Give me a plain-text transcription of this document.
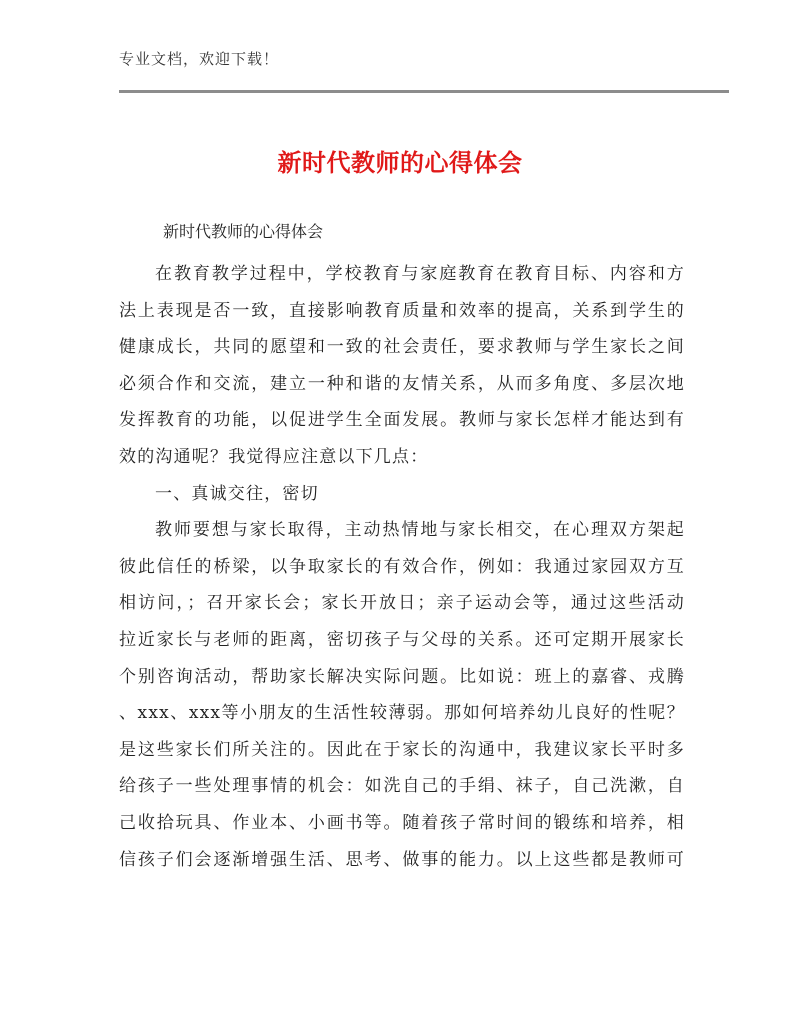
专业文档，欢迎下载！
新时代教师的心得体会
新时代教师的心得体会
在教育教学过程中，学校教育与家庭教育在教育目标、内容和方
法上表现是否一致，直接影响教育质量和效率的提高，关系到学生的
健康成长，共同的愿望和一致的社会责任，要求教师与学生家长之间
必须合作和交流，建立一种和谐的友情关系，从而多角度、多层次地
发挥教育的功能，以促进学生全面发展。教师与家长怎样才能达到有
效的沟通呢？我觉得应注意以下几点：
一、真诚交往，密切
教师要想与家长取得，主动热情地与家长相交，在心理双方架起
彼此信任的桥梁，以争取家长的有效合作，例如：我通过家园双方互
相访问，；召开家长会；家长开放日；亲子运动会等，通过这些活动
拉近家长与老师的距离，密切孩子与父母的关系。还可定期开展家长
个别咨询活动，帮助家长解决实际问题。比如说：班上的嘉睿、戎腾
、xxx、xxx等小朋友的生活性较薄弱。那如何培养幼儿良好的性呢？
是这些家长们所关注的。因此在于家长的沟通中，我建议家长平时多
给孩子一些处理事情的机会：如洗自己的手绢、袜子，自己洗漱，自
己收拾玩具、作业本、小画书等。随着孩子常时间的锻练和培养，相
信孩子们会逐渐增强生活、思考、做事的能力。以上这些都是教师可
